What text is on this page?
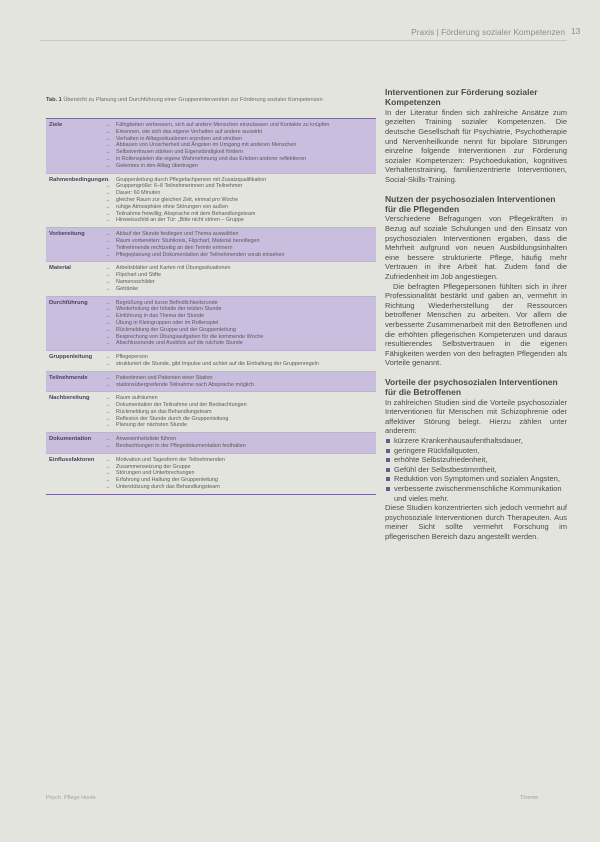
Praxis | Förderung sozialer Kompetenzen 13
Tab. 1 Übersicht zu Planung und Durchführung einer Gruppenintervention zur Förderung sozialer Kompetenzen
Ziele	→ Fähigkeiten verbessern, sich auf andere Menschen einzulassen und Kontakte zu knüpfen
→ Erkennen, wie sich das eigene Verhalten auf andere auswirkt
→ Verhalten in Alltagssituationen erproben und einüben
→ Abbauen von Unsicherheit und Ängsten im Umgang mit anderen Menschen
→ Selbstvertrauen stärken und Eigenständigkeit fördern
→ in Rollenspielen die eigene Wahrnehmung und das Erleben anderer reflektieren
→ Gelerntes in den Alltag übertragen
Rahmenbedingungen	→ Gruppenleitung durch Pflegefachperson mit Zusatzqualifikation
→ Gruppengröße: 6–8 Teilnehmerinnen und Teilnehmer
→ Dauer: 60 Minuten
→ gleicher Raum zur gleichen Zeit, einmal pro Woche
→ ruhige Atmosphäre ohne Störungen von außen
→ Teilnahme freiwillig; Absprache mit dem Behandlungsteam
→ Hinweisschild an der Tür: „Bitte nicht stören – Gruppe
Vorbereitung	→ Ablauf der Stunde festlegen und Thema auswählen
→ Raum vorbereiten: Stuhlkreis, Flipchart, Material bereitlegen
→ Teilnehmende rechtzeitig an den Termin erinnern
→ Pflegeplanung und Dokumentation der Teilnehmenden vorab einsehen
Material	→ Arbeitsblätter und Karten mit Übungssituationen
→ Flipchart und Stifte
→ Namensschilder
→ Getränke
Durchführung	→ Begrüßung und kurze Befindlichkeitsrunde
→ Wiederholung der Inhalte der letzten Stunde
→ Einführung in das Thema der Stunde
→ Übung in Kleingruppen oder im Rollenspiel
→ Rückmeldung der Gruppe und der Gruppenleitung
→ Besprechung von Übungsaufgaben für die kommende Woche
→ Abschlussrunde und Ausblick auf die nächste Stunde
Gruppenleitung	→ Pflegeperson
→ strukturiert die Stunde, gibt Impulse und achtet auf die Einhaltung der Gruppenregeln
Teilnehmende	→ Patientinnen und Patienten einer Station
→ stationsübergreifende Teilnahme nach Absprache möglich
Nachbereitung	→ Raum aufräumen
→ Dokumentation der Teilnahme und der Beobachtungen
→ Rückmeldung an das Behandlungsteam
→ Reflexion der Stunde durch die Gruppenleitung
→ Planung der nächsten Stunde
Dokumentation	→ Anwesenheitsliste führen
→ Beobachtungen in der Pflegedokumentation festhalten
Einflussfaktoren	→ Motivation und Tagesform der Teilnehmenden
→ Zusammensetzung der Gruppe
→ Störungen und Unterbrechungen
→ Erfahrung und Haltung der Gruppenleitung
→ Unterstützung durch das Behandlungsteam

Interventionen zur Förderung sozialer Kompetenzen

In der Literatur finden sich zahlreiche Ansätze zum gezielten Training sozialer Kompetenzen. Die deutsche Gesellschaft für Psychiatrie, Psychotherapie und Nervenheilkunde nennt für bipolare Störungen einzelne folgende Interventionen zur Förderung sozialer Kompetenzen: Psychoedukation, kognitives Verhaltenstraining, familienzentrierte Interventionen, Social-Skills-Training.

Nutzen der psychosozialen Interventionen für die Pflegenden

Verschiedene Befragungen von Pflegekräften in Bezug auf soziale Schulungen und den Einsatz von psychosozialen Interventionen ergaben, dass die Mehrheit aufgrund von neuen Ausbildungsinhalten eine bessere strukturierte Pflege, häufig mehr Vertrauen in ihre Arbeit hat. Zudem fand die Zufriedenheit im Job angestiegen.

Die befragten Pflegepersonen fühlten sich in ihrer Professionalität bestärkt und gaben an, vermehrt in Richtung Wiederherstellung der Ressourcen betroffener Menschen zu arbeiten. Vor allem die verbesserte Zusammenarbeit mit den Betroffenen und die erhöhten pflegerischen Kompetenzen und daraus resultierendes Selbstvertrauen in die eigenen Fähigkeiten werden von den befragten Pflegenden als Vorteile genannt.

Vorteile der psychosozialen Interventionen für die Betroffenen

In zahlreichen Studien sind die Vorteile psychosozialer Interventionen für Menschen mit Schizophrenie oder affektiver Störung belegt. Hierzu zählen unter anderem:

kürzere Krankenhausaufenthaltsdauer,
geringere Rückfallquoten,
erhöhte Selbstzufriedenheit,
Gefühl der Selbstbestimmtheit,
Reduktion von Symptomen und sozialen Ängsten,
verbesserte zwischenmenschliche Kommunikation und vieles mehr.

Diese Studien konzentrierten sich jedoch vermehrt auf psychosoziale Interventionen durch Therapeuten. Aus meiner Sicht sollte vermehrt Forschung im pflegerischen Bereich dazu angestellt werden.

Psych. Pflege Heute	Thieme
